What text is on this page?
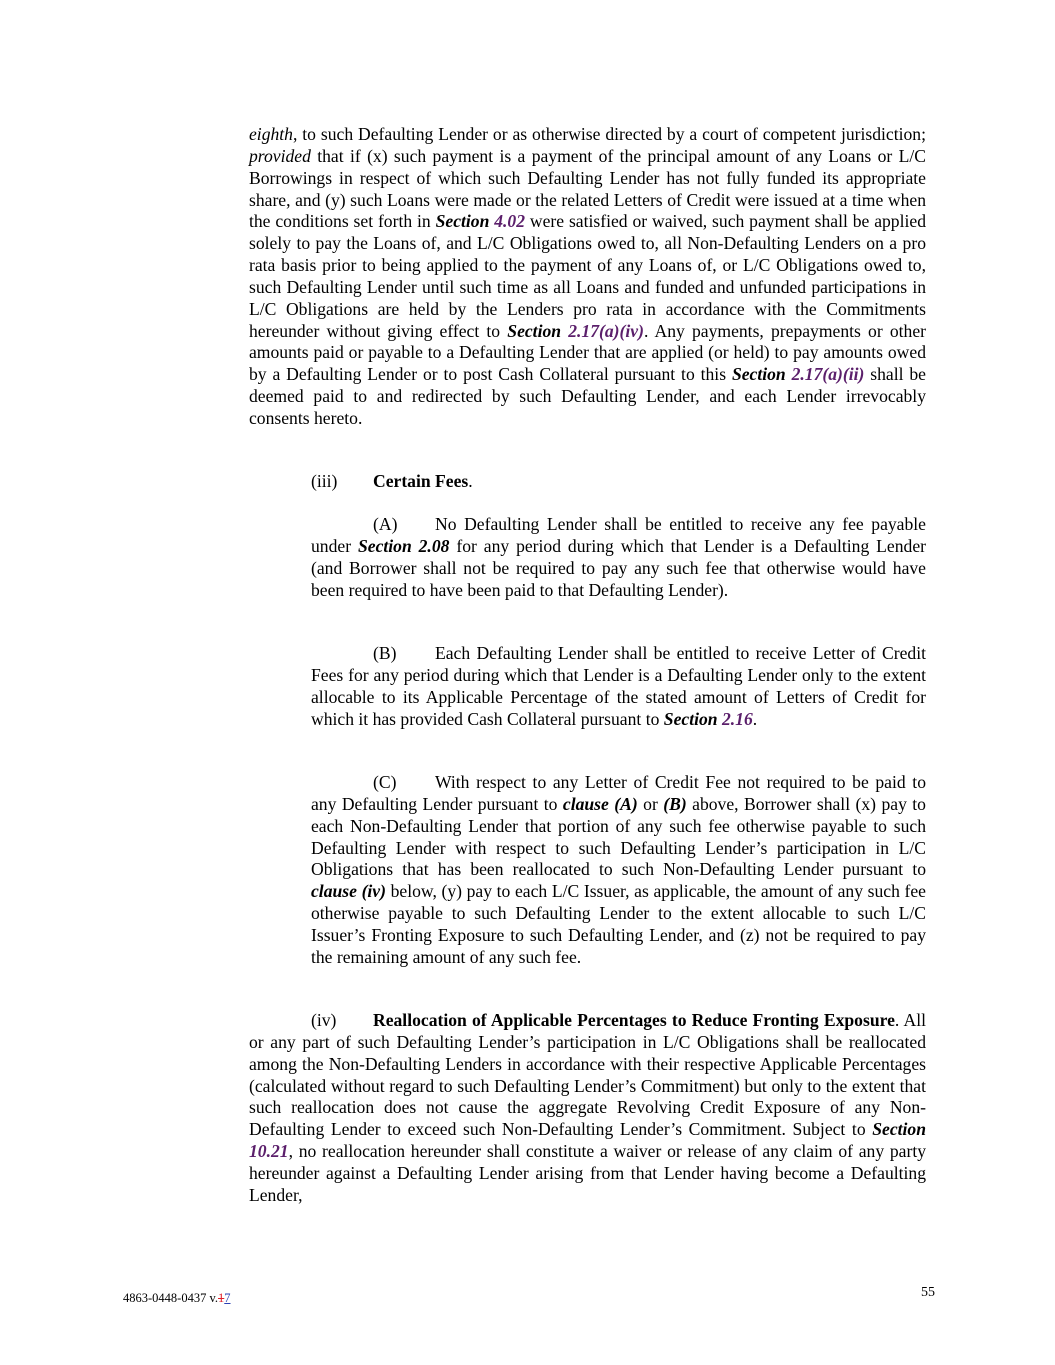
eighth, to such Defaulting Lender or as otherwise directed by a court of competent jurisdiction; provided that if (x) such payment is a payment of the principal amount of any Loans or L/C Borrowings in respect of which such Defaulting Lender has not fully funded its appropriate share, and (y) such Loans were made or the related Letters of Credit were issued at a time when the conditions set forth in Section 4.02 were satisfied or waived, such payment shall be applied solely to pay the Loans of, and L/C Obligations owed to, all Non-Defaulting Lenders on a pro rata basis prior to being applied to the payment of any Loans of, or L/C Obligations owed to, such Defaulting Lender until such time as all Loans and funded and unfunded participations in L/C Obligations are held by the Lenders pro rata in accordance with the Commitments hereunder without giving effect to Section 2.17(a)(iv). Any payments, prepayments or other amounts paid or payable to a Defaulting Lender that are applied (or held) to pay amounts owed by a Defaulting Lender or to post Cash Collateral pursuant to this Section 2.17(a)(ii) shall be deemed paid to and redirected by such Defaulting Lender, and each Lender irrevocably consents hereto.

(iii) Certain Fees.

(A) No Defaulting Lender shall be entitled to receive any fee payable under Section 2.08 for any period during which that Lender is a Defaulting Lender (and Borrower shall not be required to pay any such fee that otherwise would have been required to have been paid to that Defaulting Lender).

(B) Each Defaulting Lender shall be entitled to receive Letter of Credit Fees for any period during which that Lender is a Defaulting Lender only to the extent allocable to its Applicable Percentage of the stated amount of Letters of Credit for which it has provided Cash Collateral pursuant to Section 2.16.

(C) With respect to any Letter of Credit Fee not required to be paid to any Defaulting Lender pursuant to clause (A) or (B) above, Borrower shall (x) pay to each Non-Defaulting Lender that portion of any such fee otherwise payable to such Defaulting Lender with respect to such Defaulting Lender’s participation in L/C Obligations that has been reallocated to such Non-Defaulting Lender pursuant to clause (iv) below, (y) pay to each L/C Issuer, as applicable, the amount of any such fee otherwise payable to such Defaulting Lender to the extent allocable to such L/C Issuer’s Fronting Exposure to such Defaulting Lender, and (z) not be required to pay the remaining amount of any such fee.

(iv) Reallocation of Applicable Percentages to Reduce Fronting Exposure. All or any part of such Defaulting Lender’s participation in L/C Obligations shall be reallocated among the Non-Defaulting Lenders in accordance with their respective Applicable Percentages (calculated without regard to such Defaulting Lender’s Commitment) but only to the extent that such reallocation does not cause the aggregate Revolving Credit Exposure of any Non-Defaulting Lender to exceed such Non-Defaulting Lender’s Commitment. Subject to Section 10.21, no reallocation hereunder shall constitute a waiver or release of any claim of any party hereunder against a Defaulting Lender arising from that Lender having become a Defaulting Lender,

4863-0448-0437 v.17	55
